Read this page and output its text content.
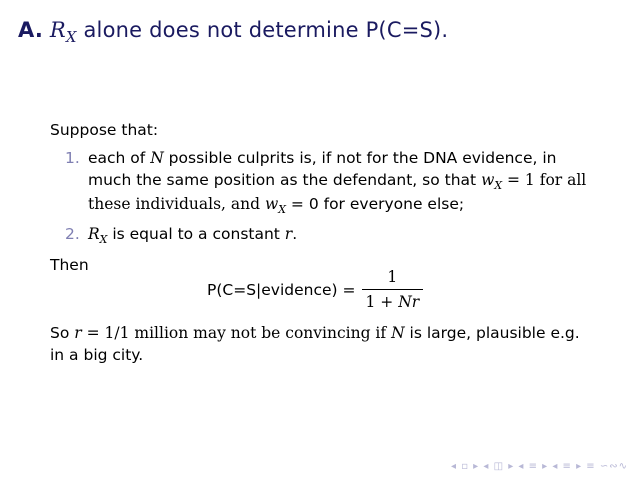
A. $R_X$ alone does not determine P(C=S).
Suppose that:
1. each of N possible culprits is, if not for the DNA evidence, in much the same position as the defendant, so that $w_X = 1$ for all these individuals, and $w_X = 0$ for everyone else;
2. $R_X$ is equal to a constant r.
Then
P(C=S|evidence) = $\frac{1}{1 + Nr}$
So r = 1/1 million may not be convincing if N is large, plausible e.g. in a big city.
◂ ▫ ▸ ◂ ◫ ▸ ◂ ≡ ▸ ◂ ≡ ▸ ≡ ∽∾∿
